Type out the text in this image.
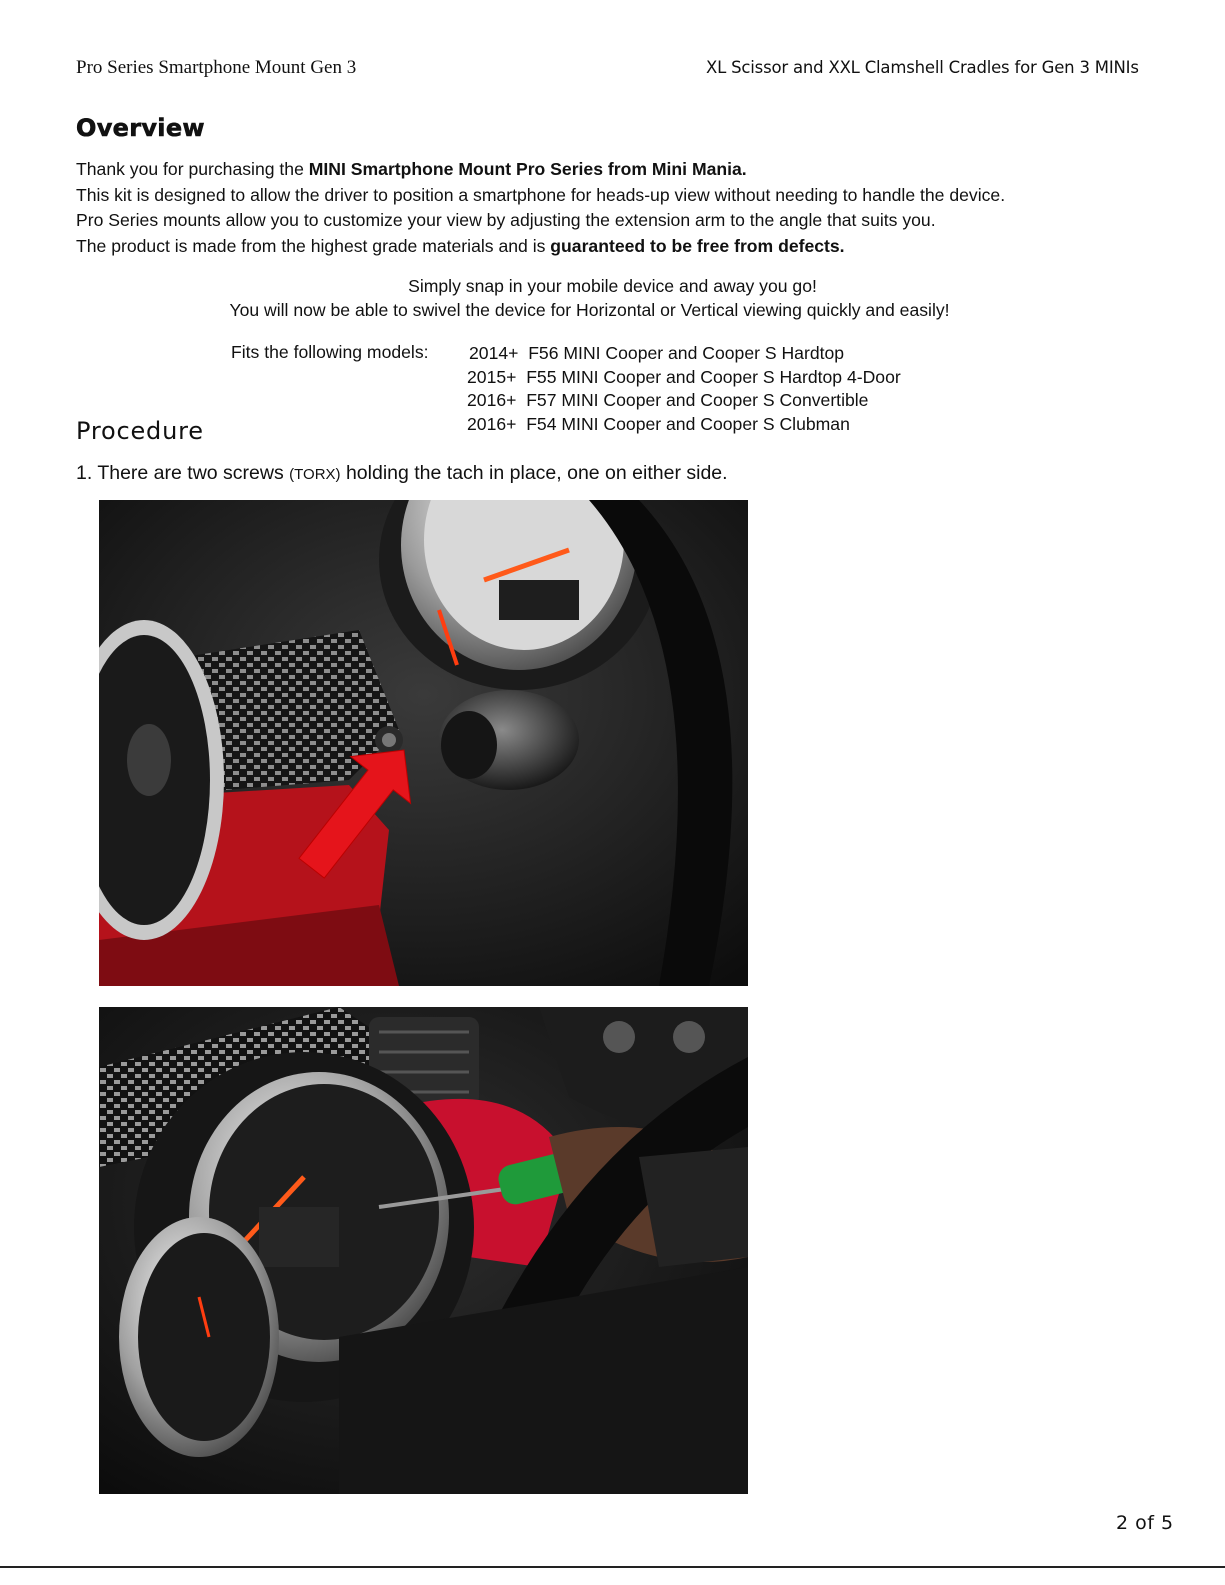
Pro Series Smartphone Mount Gen 3	XL Scissor and XXL Clamshell Cradles for Gen 3 MINIs
Overview
Thank you for purchasing the MINI Smartphone Mount Pro Series from Mini Mania.
This kit is designed to allow the driver to position a smartphone for heads-up view without needing to handle the device.
Pro Series mounts allow you to customize your view by adjusting the extension arm to the angle that suits you.
The product is made from the highest grade materials and is guaranteed to be free from defects.
Simply snap in your mobile device and away you go!
You will now be able to swivel the device for Horizontal or Vertical viewing quickly and easily!
Fits the following models: 2014+  F56 MINI Cooper and Cooper S Hardtop
2015+  F55 MINI Cooper and Cooper S Hardtop 4-Door
2016+  F57 MINI Cooper and Cooper S Convertible
2016+  F54 MINI Cooper and Cooper S Clubman
Procedure
1. There are two screws (TORX) holding the tach in place, one on either side.
2 of 5
